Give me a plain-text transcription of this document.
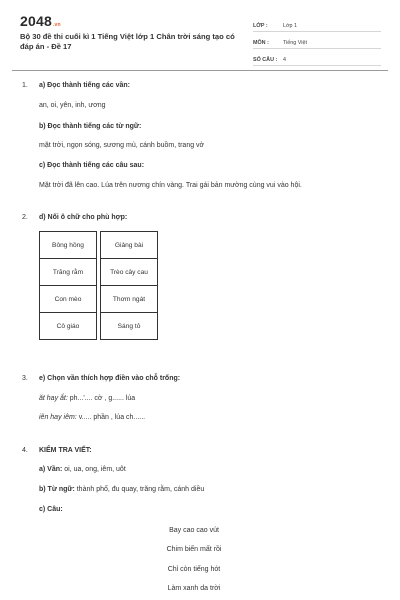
2048.vn
Bộ 30 đề thi cuối kì 1 Tiếng Việt lớp 1 Chân trời sáng tạo có đáp án - Đề 17
LỚP :	Lớp 1
MÔN :	Tiếng Việt
SỐ CÂU :	4
1. a) Đọc thành tiếng các vần:
an, oi, yên, inh, ương
b) Đọc thành tiếng các từ ngữ:
mặt trời, ngọn sóng, sương mù, cánh buồm, trang vở
c) Đọc thành tiếng các câu sau:
Mặt trời đã lên cao. Lúa trên nương chín vàng. Trai gái bản mường cùng vui vào hội.
2. d) Nối ô chữ cho phù hợp:
Bông hồng
Trăng rằm
Con mèo
Cô giáo
Giảng bài
Trèo cây cau
Thơm ngát
Sáng tỏ
3. e) Chọn vần thích hợp điền vào chỗ trống:
ăt hay ắt: ph...'.... cờ , g...... lúa
iên hay iêm: v..... phần , lúa ch......
4. KIỂM TRA VIẾT:
a) Vần: oi, ua, ong, iêm, uôt
b) Từ ngữ: thành phố, đu quay, trăng rằm, cánh diều
c) Câu:
Bay cao cao vút
Chim biến mất rồi
Chỉ còn tiếng hót
Làm xanh da trời
